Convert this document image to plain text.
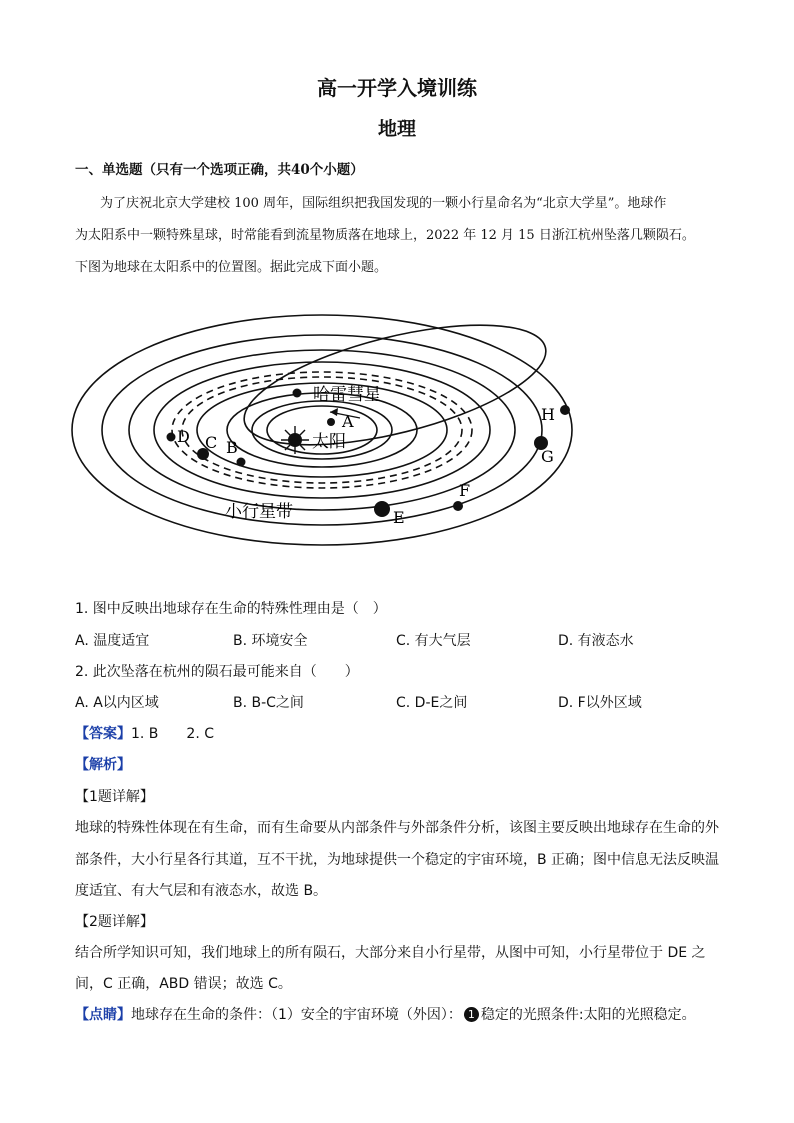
高一开学入境训练
地理
一、单选题（只有一个选项正确，共40个小题）
为了庆祝北京大学建校 100 周年，国际组织把我国发现的一颗小行星命名为“北京大学星”。地球作
为太阳系中一颗特殊星球，时常能看到流星物质落在地球上，2022 年 12 月 15 日浙江杭州坠落几颗陨石。
下图为地球在太阳系中的位置图。据此完成下面小题。
太阳
哈雷彗星
A
B
C
D
E
F
G
H
小行星带
1. 图中反映出地球存在生命的特殊性理由是（　）
A. 温度适宜	B. 环境安全	C. 有大气层	D. 有液态水
2. 此次坠落在杭州的陨石最可能来自（　　）
A. A以内区域	B. B-C之间	C. D-E之间	D. F以外区域
【答案】1. B　　2. C
【解析】
【1题详解】
地球的特殊性体现在有生命，而有生命要从内部条件与外部条件分析，该图主要反映出地球存在生命的外
部条件，大小行星各行其道，互不干扰，为地球提供一个稳定的宇宙环境，B 正确；图中信息无法反映温
度适宜、有大气层和有液态水，故选 B。
【2题详解】
结合所学知识可知，我们地球上的所有陨石，大部分来自小行星带，从图中可知，小行星带位于 DE 之
间，C 正确，ABD 错误；故选 C。
【点睛】地球存在生命的条件：（1）安全的宇宙环境（外因）： 1 稳定的光照条件:太阳的光照稳定。
